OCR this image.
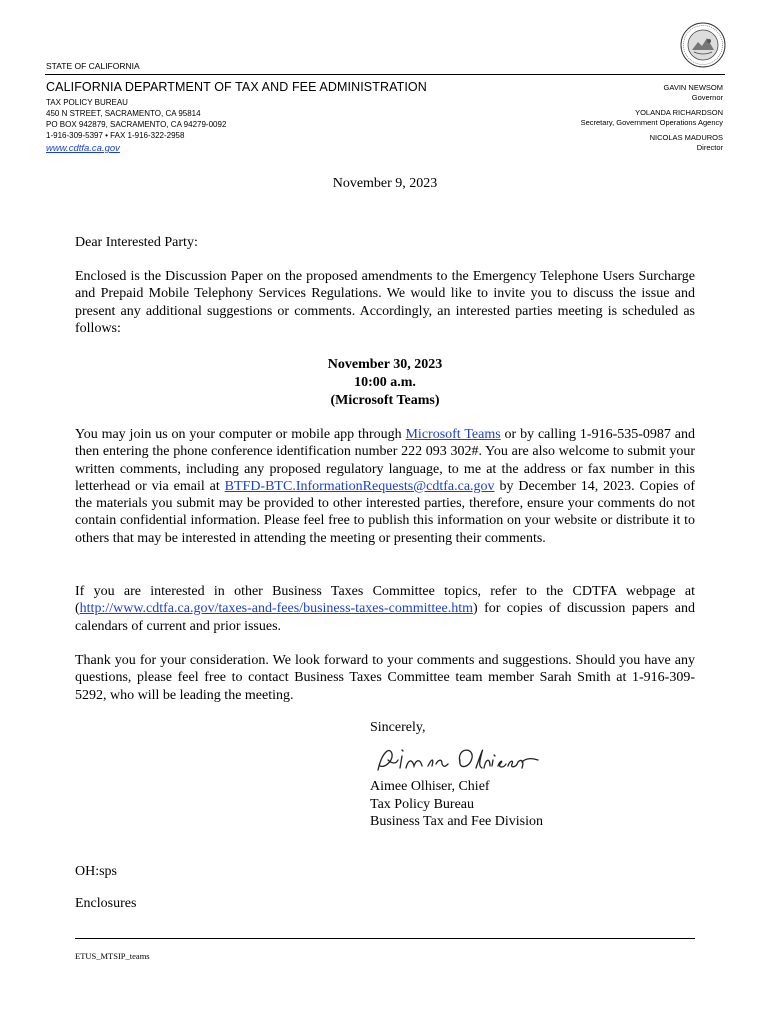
STATE OF CALIFORNIA
CALIFORNIA DEPARTMENT OF TAX AND FEE ADMINISTRATION
TAX POLICY BUREAU
450 N STREET, SACRAMENTO, CA 95814
PO BOX 942879, SACRAMENTO, CA 94279-0092
1-916-309-5397 • FAX 1-916-322-2958
www.cdtfa.ca.gov
GAVIN NEWSOM
Governor
YOLANDA RICHARDSON
Secretary, Government Operations Agency
NICOLAS MADUROS
Director
November 9, 2023
Dear Interested Party:
Enclosed is the Discussion Paper on the proposed amendments to the Emergency Telephone Users Surcharge and Prepaid Mobile Telephony Services Regulations. We would like to invite you to discuss the issue and present any additional suggestions or comments. Accordingly, an interested parties meeting is scheduled as follows:
November 30, 2023
10:00 a.m.
(Microsoft Teams)
You may join us on your computer or mobile app through Microsoft Teams or by calling 1-916-535-0987 and then entering the phone conference identification number 222 093 302#. You are also welcome to submit your written comments, including any proposed regulatory language, to me at the address or fax number in this letterhead or via email at BTFD-BTC.InformationRequests@cdtfa.ca.gov by December 14, 2023. Copies of the materials you submit may be provided to other interested parties, therefore, ensure your comments do not contain confidential information. Please feel free to publish this information on your website or distribute it to others that may be interested in attending the meeting or presenting their comments.
If you are interested in other Business Taxes Committee topics, refer to the CDTFA webpage at (http://www.cdtfa.ca.gov/taxes-and-fees/business-taxes-committee.htm) for copies of discussion papers and calendars of current and prior issues.
Thank you for your consideration. We look forward to your comments and suggestions. Should you have any questions, please feel free to contact Business Taxes Committee team member Sarah Smith at 1-916-309-5292, who will be leading the meeting.
Sincerely,
Aimee Olhiser, Chief
Tax Policy Bureau
Business Tax and Fee Division
OH:sps
Enclosures
ETUS_MTSIP_teams
